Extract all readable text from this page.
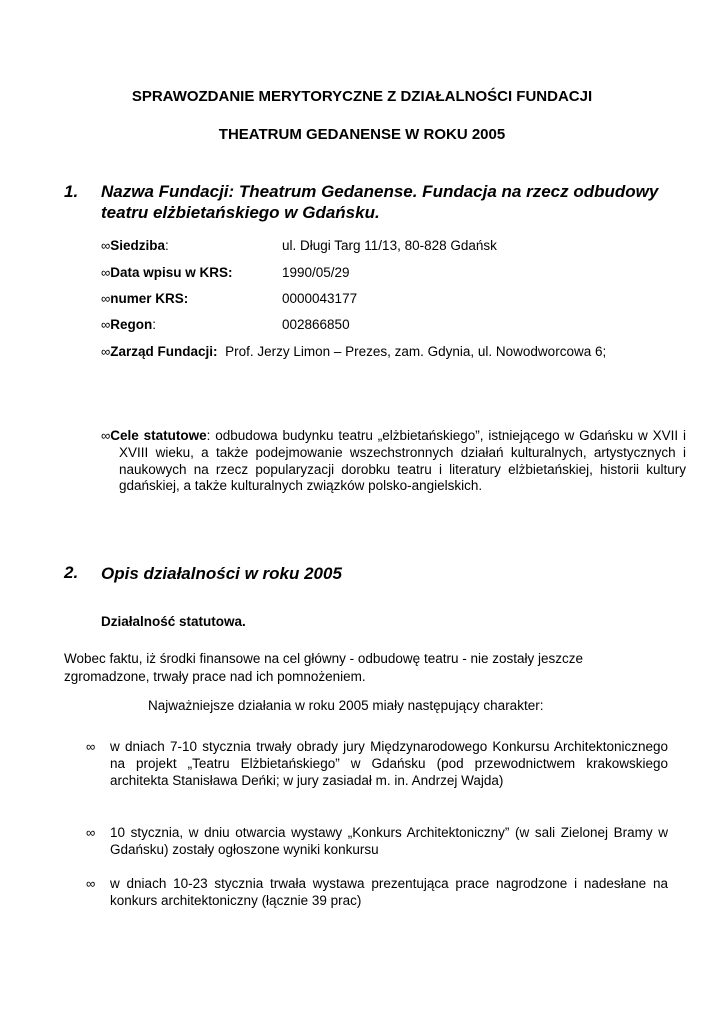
SPRAWOZDANIE MERYTORYCZNE Z DZIAŁALNOŚCI FUNDACJI
THEATRUM GEDANENSE W ROKU 2005
1. Nazwa Fundacji: Theatrum Gedanense. Fundacja na rzecz odbudowy teatru elżbietańskiego w Gdańsku.
∞Siedziba:	ul. Długi Targ 11/13, 80-828 Gdańsk
∞Data wpisu w KRS:	1990/05/29
∞numer KRS:	0000043177
∞Regon:	002866850
∞Zarząd Fundacji: Prof. Jerzy Limon – Prezes, zam. Gdynia, ul. Nowodworcowa 6;
∞Cele statutowe: odbudowa budynku teatru „elżbietańskiego”, istniejącego w Gdańsku w XVII i XVIII wieku, a także podejmowanie wszechstronnych działań kulturalnych, artystycznych i naukowych na rzecz popularyzacji dorobku teatru i literatury elżbietańskiej, historii kultury gdańskiej, a także kulturalnych związków polsko-angielskich.
2. Opis działalności w roku 2005
Działalność statutowa.
Wobec faktu, iż środki finansowe na cel główny - odbudowę teatru - nie zostały jeszcze zgromadzone, trwały prace nad ich pomnożeniem.
Najważniejsze działania w roku 2005 miały następujący charakter:
∞ w dniach 7-10 stycznia trwały obrady jury Międzynarodowego Konkursu Architektonicznego na projekt „Teatru Elżbietańskiego” w Gdańsku (pod przewodnictwem krakowskiego architekta Stanisława Deńki; w jury zasiadał m. in. Andrzej Wajda)
∞ 10 stycznia, w dniu otwarcia wystawy „Konkurs Architektoniczny” (w sali Zielonej Bramy w Gdańsku) zostały ogłoszone wyniki konkursu
∞ w dniach 10-23 stycznia trwała wystawa prezentująca prace nagrodzone i nadesłane na konkurs architektoniczny (łącznie 39 prac)
